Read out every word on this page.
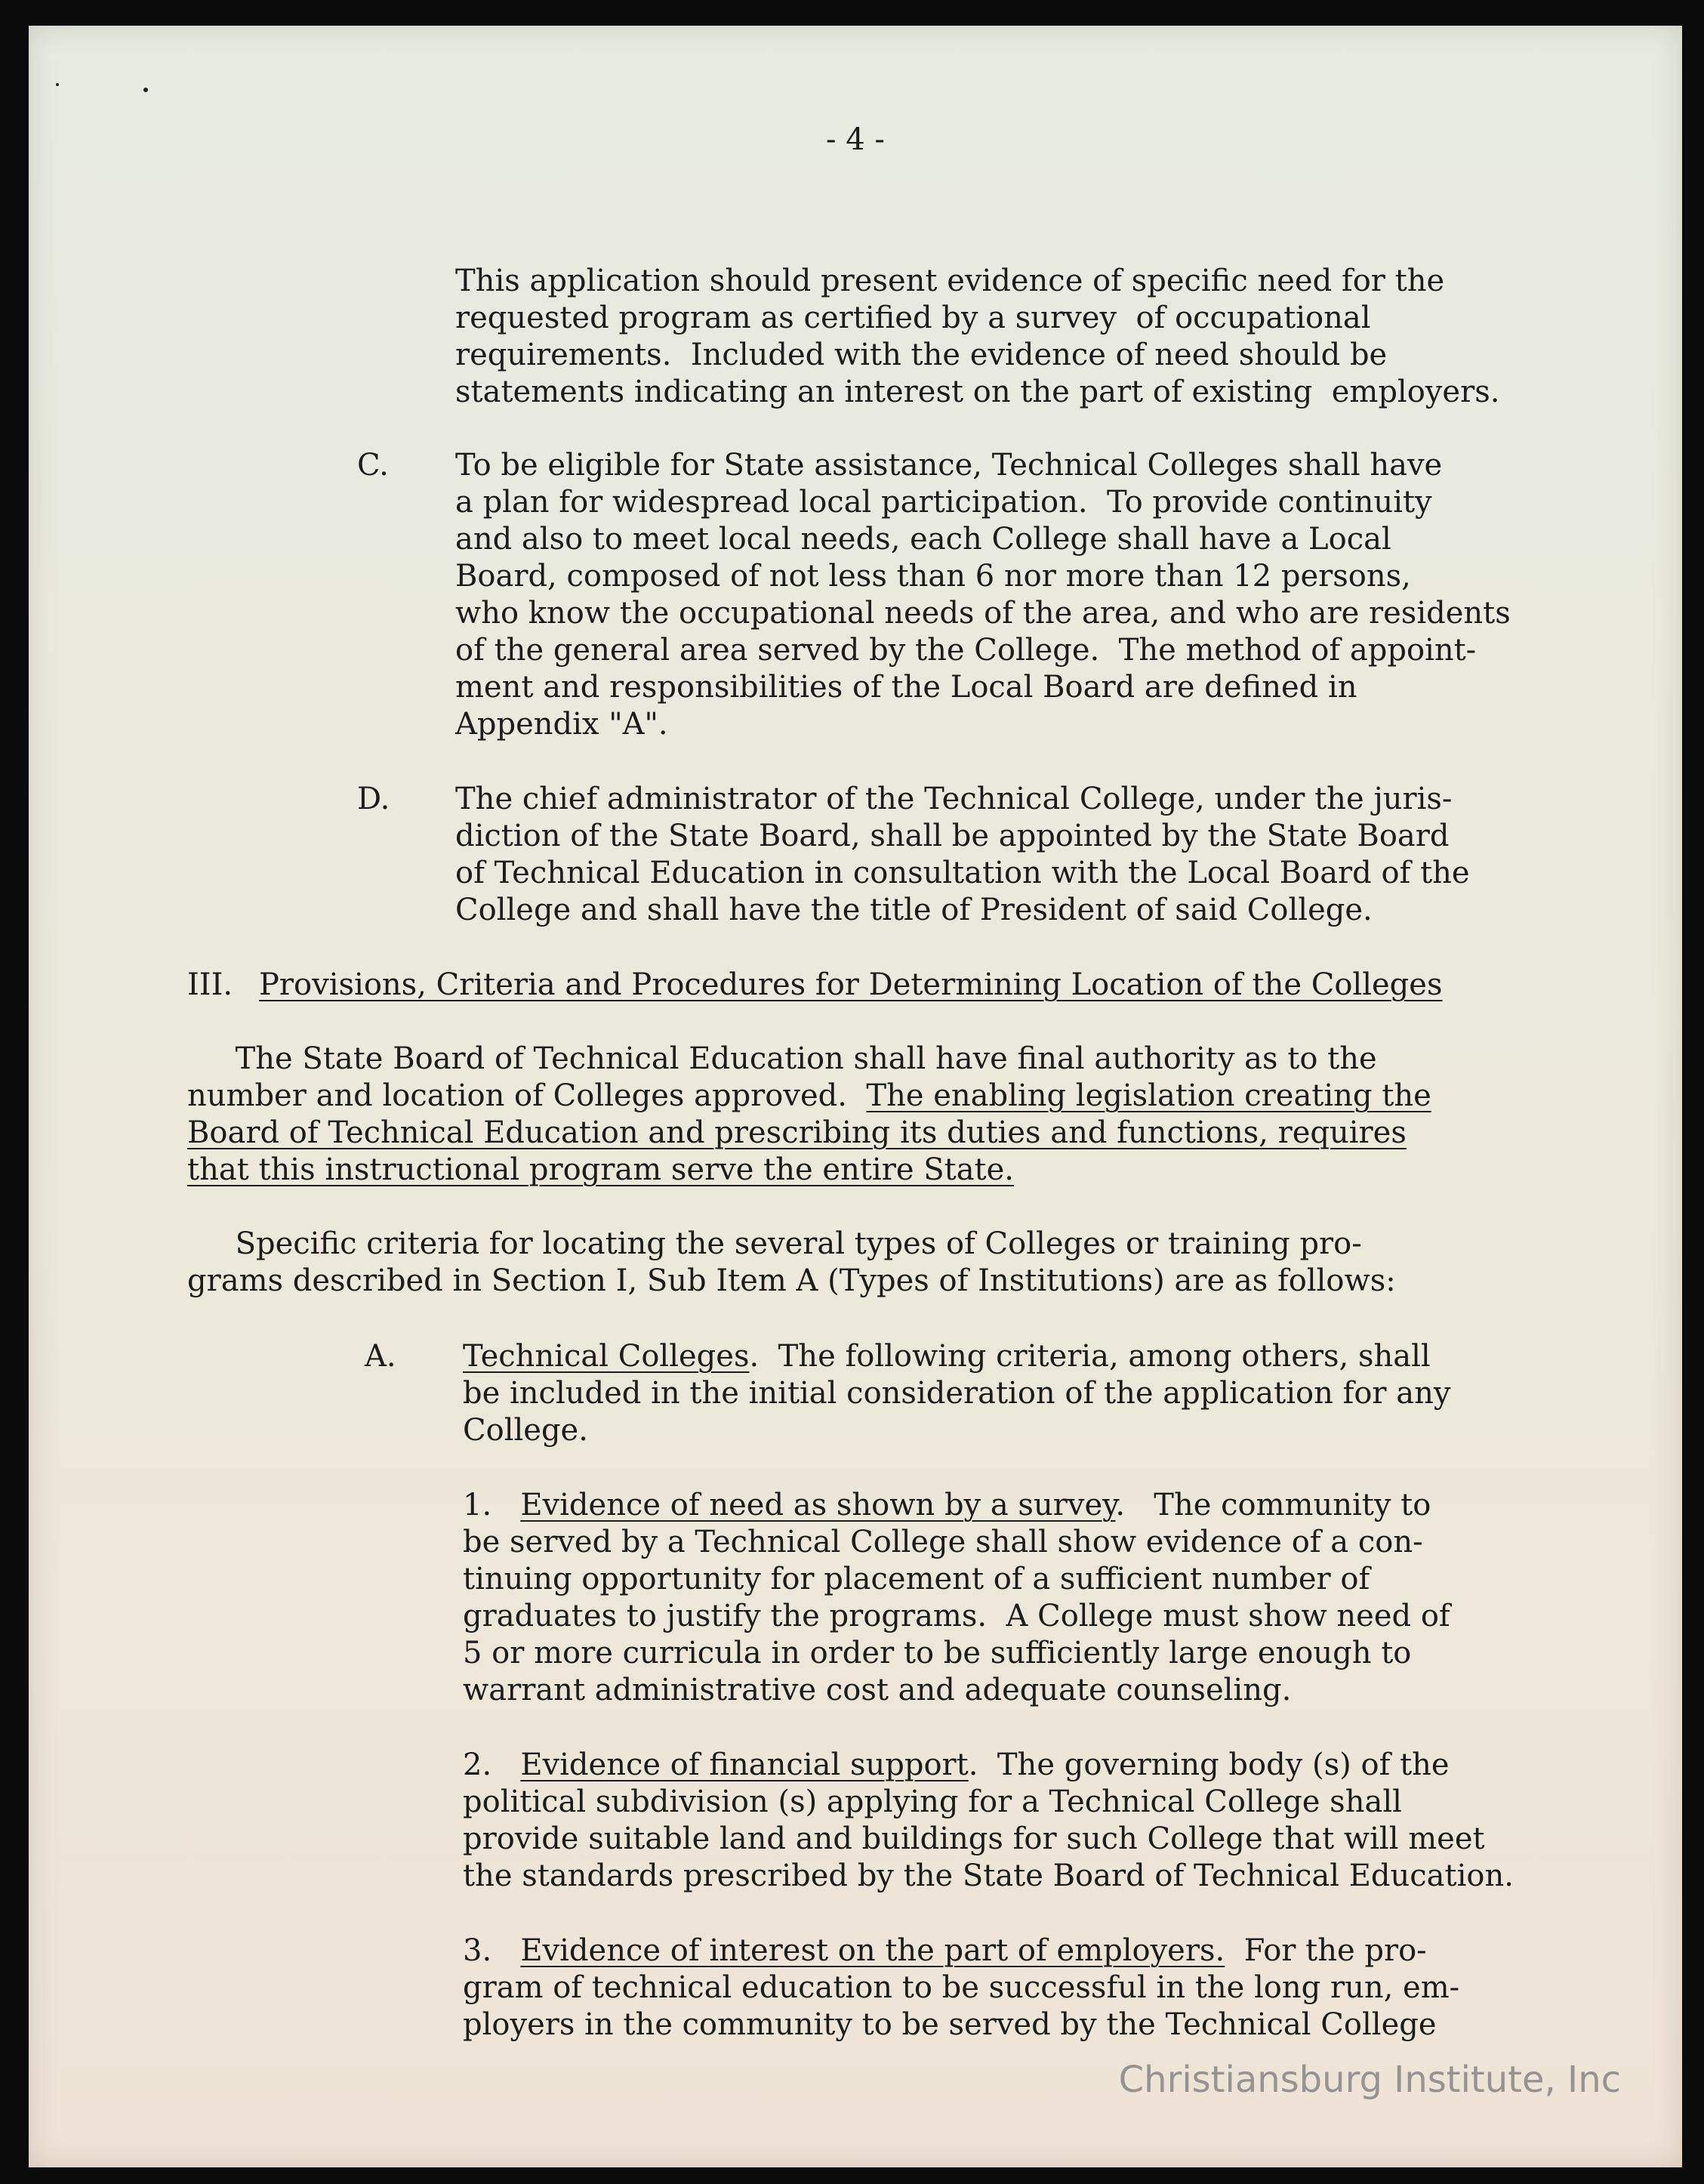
- 4 -

This application should present evidence of specific need for the

requested program as certified by a survey  of occupational

requirements.  Included with the evidence of need should be

statements indicating an interest on the part of existing  employers.

C. To be eligible for State assistance, Technical Colleges shall have

a plan for widespread local participation.  To provide continuity

and also to meet local needs, each College shall have a Local

Board, composed of not less than 6 nor more than 12 persons,

who know the occupational needs of the area, and who are residents

of the general area served by the College.  The method of appoint-

ment and responsibilities of the Local Board are defined in

Appendix "A".

D. The chief administrator of the Technical College, under the juris-

diction of the State Board, shall be appointed by the State Board

of Technical Education in consultation with the Local Board of the

College and shall have the title of President of said College.

III. Provisions, Criteria and Procedures for Determining Location of the Colleges

The State Board of Technical Education shall have final authority as to the

number and location of Colleges approved.  The enabling legislation creating the

Board of Technical Education and prescribing its duties and functions, requires

that this instructional program serve the entire State.

Specific criteria for locating the several types of Colleges or training pro-

grams described in Section I, Sub Item A (Types of Institutions) are as follows:

A. Technical Colleges.  The following criteria, among others, shall

be included in the initial consideration of the application for any

College.

1. Evidence of need as shown by a survey.   The community to

be served by a Technical College shall show evidence of a con-

tinuing opportunity for placement of a sufficient number of

graduates to justify the programs.  A College must show need of

5 or more curricula in order to be sufficiently large enough to

warrant administrative cost and adequate counseling.

2. Evidence of financial support.  The governing body (s) of the

political subdivision (s) applying for a Technical College shall

provide suitable land and buildings for such College that will meet

the standards prescribed by the State Board of Technical Education.

3. Evidence of interest on the part of employers.  For the pro-

gram of technical education to be successful in the long run, em-

ployers in the community to be served by the Technical College

Christiansburg Institute, Inc
